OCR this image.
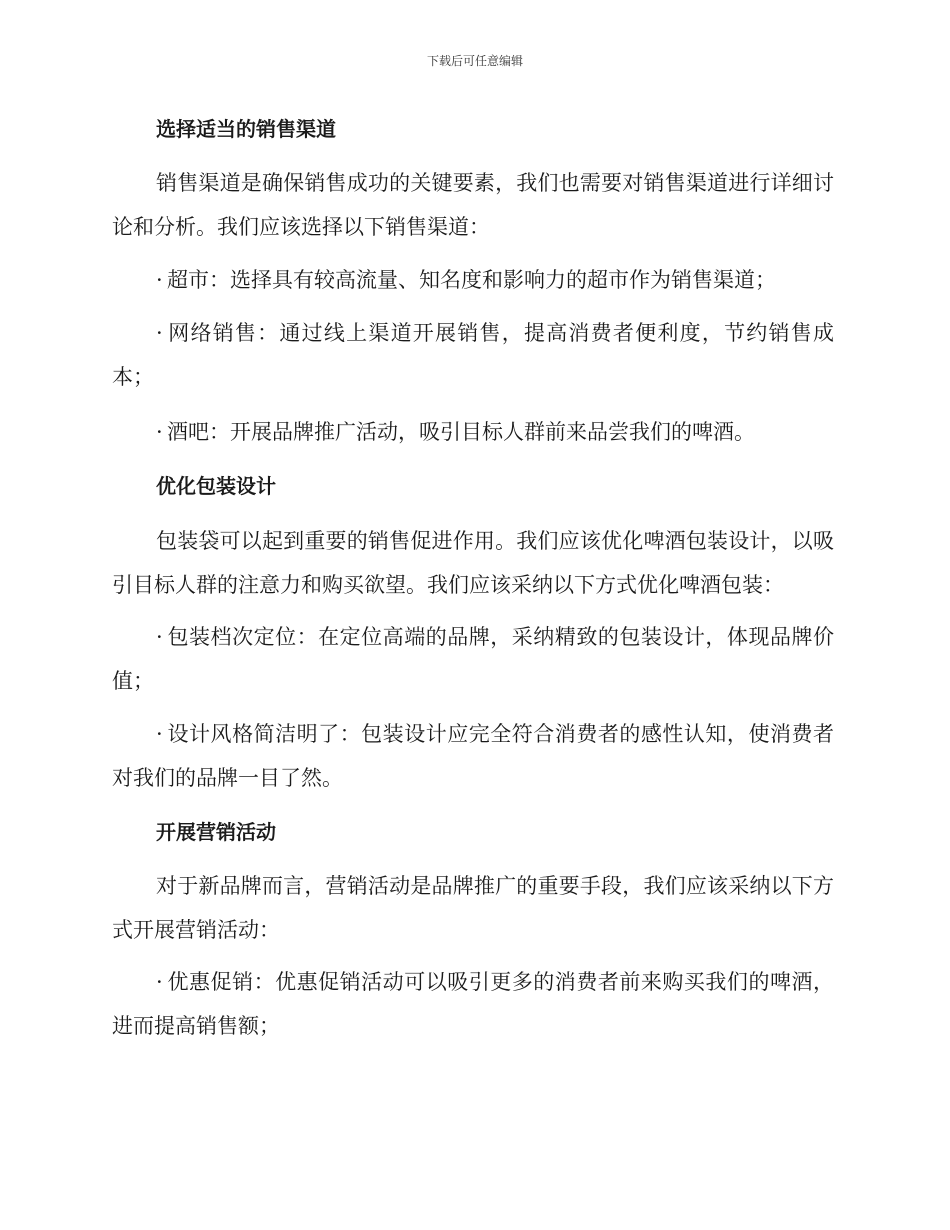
下载后可任意编辑
选择适当的销售渠道

销售渠道是确保销售成功的关键要素，我们也需要对销售渠道进行详细讨论和分析。我们应该选择以下销售渠道：

· 超市：选择具有较高流量、知名度和影响力的超市作为销售渠道；

· 网络销售：通过线上渠道开展销售，提高消费者便利度，节约销售成本；

· 酒吧：开展品牌推广活动，吸引目标人群前来品尝我们的啤酒。

优化包装设计

包装袋可以起到重要的销售促进作用。我们应该优化啤酒包装设计，以吸引目标人群的注意力和购买欲望。我们应该采纳以下方式优化啤酒包装：

· 包装档次定位：在定位高端的品牌，采纳精致的包装设计，体现品牌价值；

· 设计风格简洁明了：包装设计应完全符合消费者的感性认知，使消费者对我们的品牌一目了然。

开展营销活动

对于新品牌而言，营销活动是品牌推广的重要手段，我们应该采纳以下方式开展营销活动：

· 优惠促销：优惠促销活动可以吸引更多的消费者前来购买我们的啤酒，进而提高销售额；
